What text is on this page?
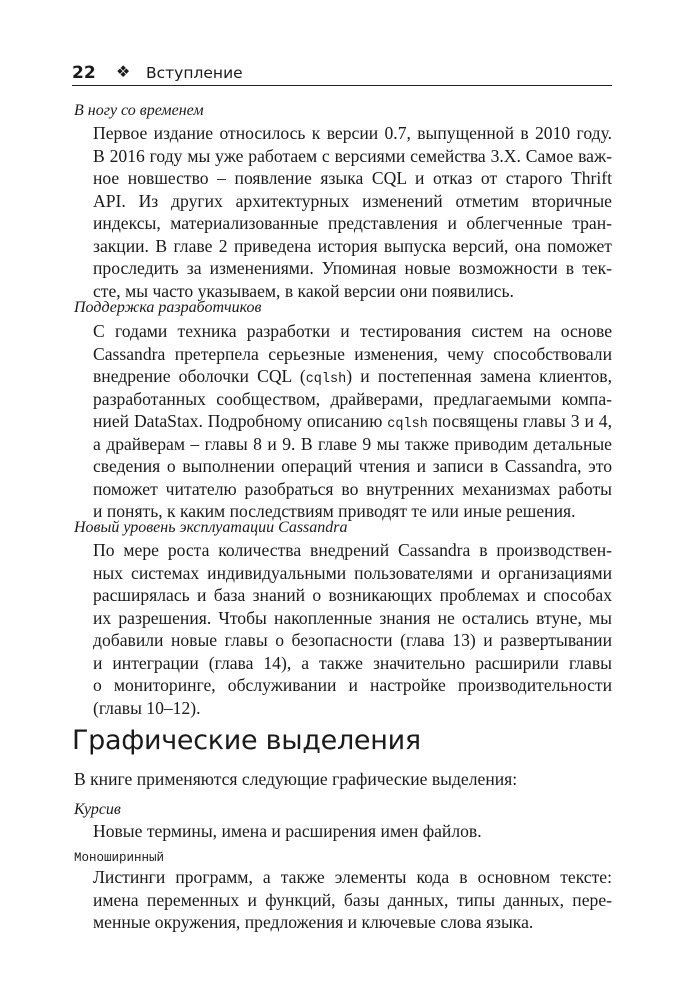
22 ❖ Вступление
В ногу со временем
Первое издание относилось к версии 0.7, выпущенной в 2010 году.
В 2016 году мы уже работаем с версиями семейства 3.X. Самое важ-
ное новшество – появление языка CQL и отказ от старого Thrift
API. Из других архитектурных изменений отметим вторичные
индексы, материализованные представления и облегченные тран-
закции. В главе 2 приведена история выпуска версий, она поможет
проследить за изменениями. Упоминая новые возможности в тек-
сте, мы часто указываем, в какой версии они появились.
Поддержка разработчиков
С годами техника разработки и тестирования систем на основе
Cassandra претерпела серьезные изменения, чему способствовали
внедрение оболочки CQL (cqlsh) и постепенная замена клиентов,
разработанных сообществом, драйверами, предлагаемыми компа-
нией DataStax. Подробному описанию cqlsh посвящены главы 3 и 4,
а драйверам – главы 8 и 9. В главе 9 мы также приводим детальные
сведения о выполнении операций чтения и записи в Cassandra, это
поможет читателю разобраться во внутренних механизмах работы
и понять, к каким последствиям приводят те или иные решения.
Новый уровень эксплуатации Cassandra
По мере роста количества внедрений Cassandra в производствен-
ных системах индивидуальными пользователями и организациями
расширялась и база знаний о возникающих проблемах и способах
их разрешения. Чтобы накопленные знания не остались втуне, мы
добавили новые главы о безопасности (глава 13) и развертывании
и интеграции (глава 14), а также значительно расширили главы
о мониторинге, обслуживании и настройке производительности
(главы 10–12).
Графические выделения
В книге применяются следующие графические выделения:
Курсив
Новые термины, имена и расширения имен файлов.
Моноширинный
Листинги программ, а также элементы кода в основном тексте:
имена переменных и функций, базы данных, типы данных, пере-
менные окружения, предложения и ключевые слова языка.
